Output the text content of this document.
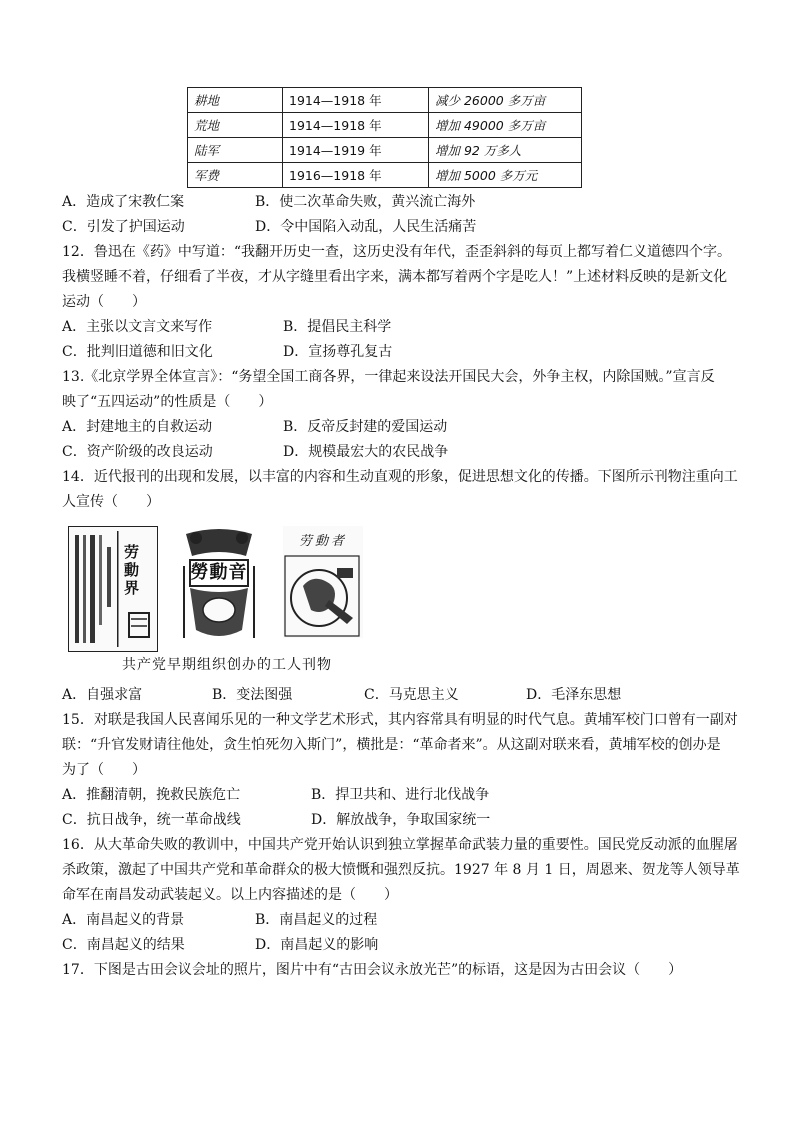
耕地	1914—1918 年	减少 26000 多万亩
荒地	1914—1918 年	增加 49000 多万亩
陆军	1914—1919 年	增加 92 万多人
军费	1916—1918 年	增加 5000 多万元
A．造成了宋教仁案	B．使二次革命失败，黄兴流亡海外
C．引发了护国运动	D．令中国陷入动乱，人民生活痛苦
12．鲁迅在《药》中写道：“我翻开历史一查，这历史没有年代，歪歪斜斜的每页上都写着仁义道德四个字。
我横竖睡不着，仔细看了半夜，才从字缝里看出字来，满本都写着两个字是吃人！”上述材料反映的是新文化
运动（　　）
A．主张以文言文来写作	B．提倡民主科学
C．批判旧道德和旧文化	D．宣扬尊孔复古
13.《北京学界全体宣言》：“务望全国工商各界，一律起来设法开国民大会，外争主权，内除国贼。”宣言反
映了“五四运动”的性质是（　　）
A．封建地主的自救运动	B．反帝反封建的爱国运动
C．资产阶级的改良运动	D．规模最宏大的农民战争
14．近代报刊的出现和发展，以丰富的内容和生动直观的形象，促进思想文化的传播。下图所示刊物注重向工
人宣传（　　）
劳動界
勞動音
劳動者
共产党早期组织创办的工人刊物
A．自强求富	B．变法图强	C．马克思主义	D．毛泽东思想
15．对联是我国人民喜闻乐见的一种文学艺术形式，其内容常具有明显的时代气息。黄埔军校门口曾有一副对
联：“升官发财请往他处，贪生怕死勿入斯门”，横批是：“革命者来”。从这副对联来看，黄埔军校的创办是
为了（　　）
A．推翻清朝，挽救民族危亡	B．捍卫共和、进行北伐战争
C．抗日战争，统一革命战线	D．解放战争，争取国家统一
16．从大革命失败的教训中，中国共产党开始认识到独立掌握革命武装力量的重要性。国民党反动派的血腥屠
杀政策，激起了中国共产党和革命群众的极大愤慨和强烈反抗。1927 年 8 月 1 日，周恩来、贺龙等人领导革
命军在南昌发动武装起义。以上内容描述的是（　　）
A．南昌起义的背景	B．南昌起义的过程
C．南昌起义的结果	D．南昌起义的影响
17．下图是古田会议会址的照片，图片中有“古田会议永放光芒”的标语，这是因为古田会议（　　）
